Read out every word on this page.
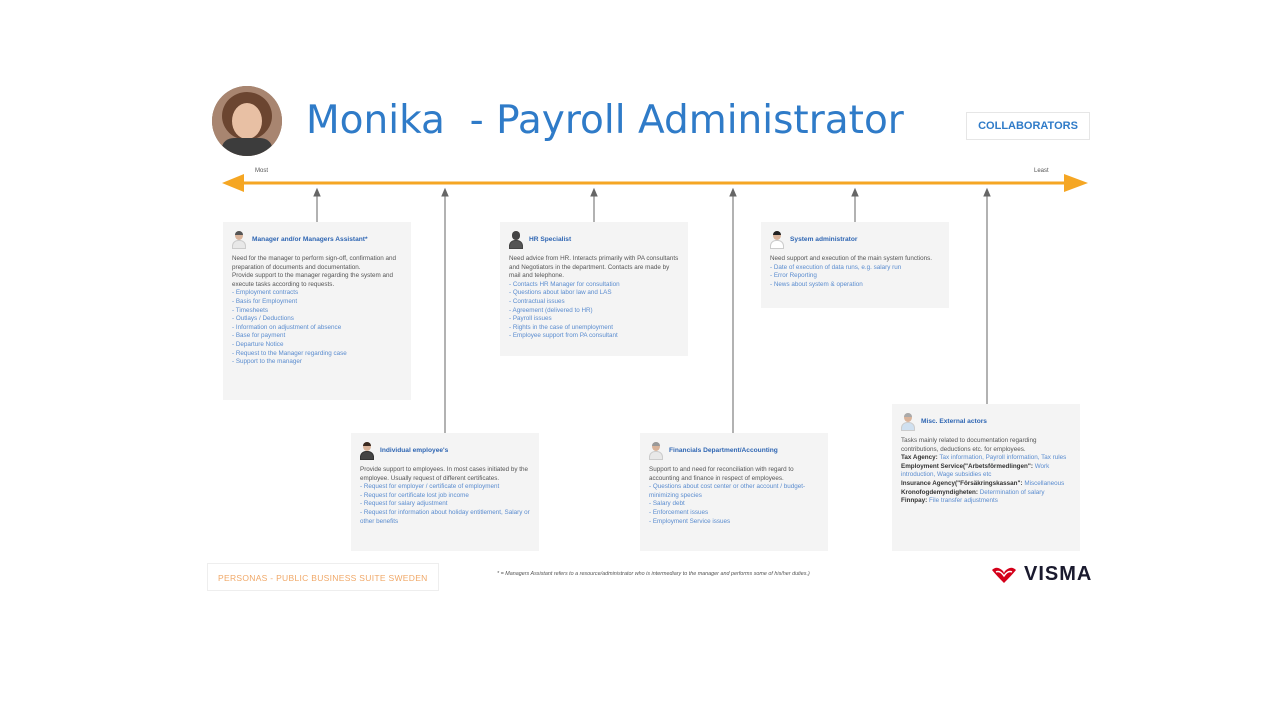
Monika  - Payroll Administrator	COLLABORATORS
Most	Least
Manager and/or Managers Assistant*

Need for the manager to perform sign-off, confirmation and preparation of documents and documentation.

Provide support to the manager regarding the system and execute tasks according to requests.

- Employment contracts
- Basis for Employment
- Timesheets
- Outlays / Deductions
- Information on adjustment of absence
- Base for payment
- Departure Notice
- Request to the Manager regarding case
- Support to the manager
HR Specialist

Need advice from HR. Interacts primarily with PA consultants and Negotiators in the department. Contacts are made by mail and telephone.

- Contacts HR Manager for consultation
- Questions about labor law and LAS
- Contractual issues
- Agreement (delivered to HR)
- Payroll issues
- Rights in the case of unemployment
- Employee support from PA consultant
System administrator

Need support and execution of the main system functions.

- Date of execution of data runs, e.g. salary run
- Error Reporting
- News about system & operation
Individual employee's

Provide support to employees. In most cases initiated by the employee. Usually request of different certificates.

- Request for employer / certificate of employment
- Request for certificate lost job income
- Request for salary adjustment
- Request for information about holiday entitlement, Salary or other benefits
Financials Department/Accounting

Support to and need for reconciliation with regard to accounting and finance in respect of employees.

- Questions about cost center or other account / budget-minimizing species
- Salary debt
- Enforcement issues
- Employment Service issues
Misc. External actors

Tasks mainly related to documentation regarding contributions, deductions etc. for employees.

Tax Agency: Tax information, Payroll information, Tax rules

Employment Service("Arbetsförmedlingen": Work introduction, Wage subsidies etc

Insurance Agency("Försäkringskassan": Miscellaneous

Kronofogdemyndigheten: Determination of salary

Finnpay: File transfer adjustments

PERSONAS - PUBLIC BUSINESS SUITE SWEDEN	* = Managers Assistant refers to a resource/administrator who is intermediary to the manager and performs some of his/her duties.)	VISMA
